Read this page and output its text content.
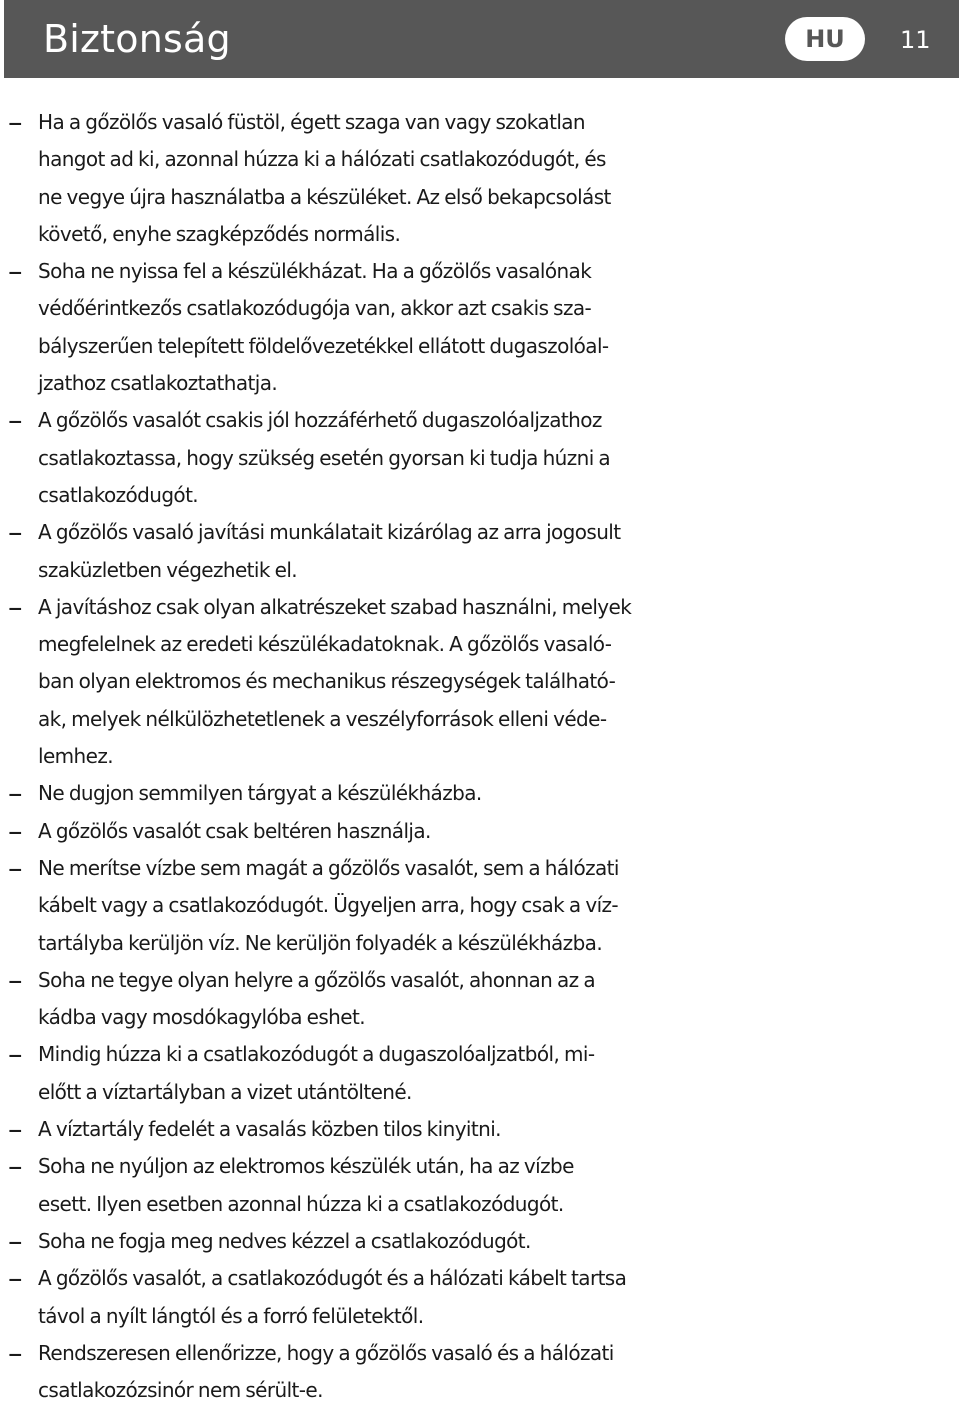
Biztonság	HU	11
– Ha a gőzölős vasaló füstöl, égett szaga van vagy szokatlan
hangot ad ki, azonnal húzza ki a hálózati csatlakozódugót, és
ne vegye újra használatba a készüléket. Az első bekapcsolást
követő, enyhe szagképződés normális.
– Soha ne nyissa fel a készülékházat. Ha a gőzölős vasalónak
védőérintkezős csatlakozódugója van, akkor azt csakis sza-
bályszerűen telepített földelővezetékkel ellátott dugaszolóal-
jzathoz csatlakoztathatja.
– A gőzölős vasalót csakis jól hozzáférhető dugaszolóaljzathoz
csatlakoztassa, hogy szükség esetén gyorsan ki tudja húzni a
csatlakozódugót.
– A gőzölős vasaló javítási munkálatait kizárólag az arra jogosult
szaküzletben végezhetik el.
– A javításhoz csak olyan alkatrészeket szabad használni, melyek
megfelelnek az eredeti készülékadatoknak. A gőzölős vasaló-
ban olyan elektromos és mechanikus részegységek található-
ak, melyek nélkülözhetetlenek a veszélyforrások elleni véde-
lemhez.
– Ne dugjon semmilyen tárgyat a készülékházba.
– A gőzölős vasalót csak beltéren használja.
– Ne merítse vízbe sem magát a gőzölős vasalót, sem a hálózati
kábelt vagy a csatlakozódugót. Ügyeljen arra, hogy csak a víz-
tartályba kerüljön víz. Ne kerüljön folyadék a készülékházba.
– Soha ne tegye olyan helyre a gőzölős vasalót, ahonnan az a
kádba vagy mosdókagylóba eshet.
– Mindig húzza ki a csatlakozódugót a dugaszolóaljzatból, mi-
előtt a víztartályban a vizet utántöltené.
– A víztartály fedelét a vasalás közben tilos kinyitni.
– Soha ne nyúljon az elektromos készülék után, ha az vízbe
esett. Ilyen esetben azonnal húzza ki a csatlakozódugót.
– Soha ne fogja meg nedves kézzel a csatlakozódugót.
– A gőzölős vasalót, a csatlakozódugót és a hálózati kábelt tartsa
távol a nyílt lángtól és a forró felületektől.
– Rendszeresen ellenőrizze, hogy a gőzölős vasaló és a hálózati
csatlakozózsinór nem sérült-e.
